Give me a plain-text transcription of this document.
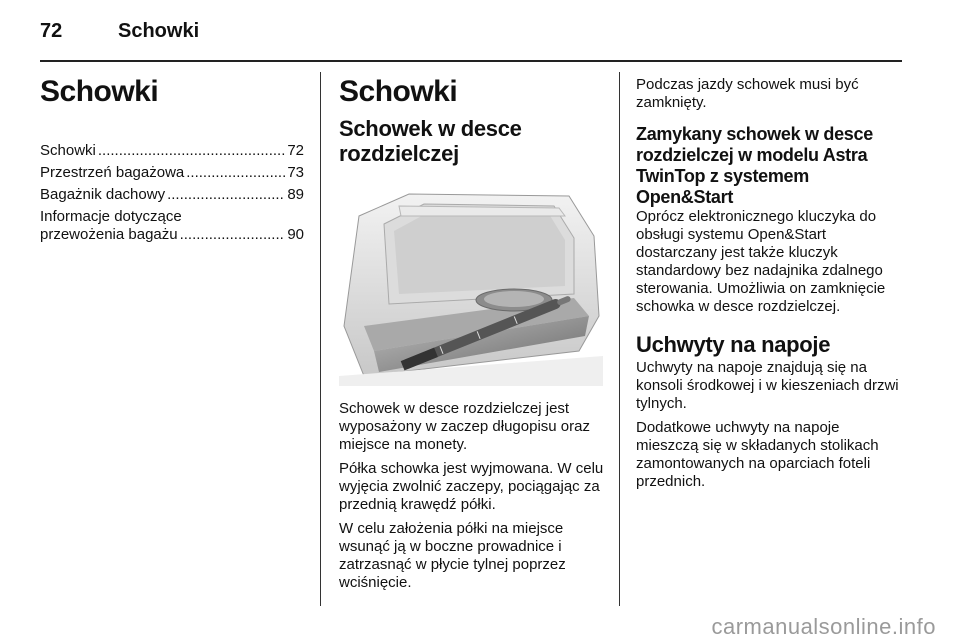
72	Schowki
Schowki
Schowki .....	72
Przestrzeń bagażowa .....	73
Bagażnik dachowy .....	89
Informacje dotyczące
przewożenia bagażu .....	90
Schowki
Schowek w desce rozdzielczej

Schowek w desce rozdzielczej jest wyposażony w zaczep długopisu oraz miejsce na monety.

Półka schowka jest wyjmowana. W celu wyjęcia zwolnić zaczepy, pociągając za przednią krawędź półki.

W celu założenia półki na miejsce wsunąć ją w boczne prowadnice i zatrzasnąć w płycie tylnej poprzez wciśnięcie.

Podczas jazdy schowek musi być zamknięty.

Zamykany schowek w desce rozdzielczej w modelu Astra TwinTop z systemem Open&Start

Oprócz elektronicznego kluczyka do obsługi systemu Open&Start dostarczany jest także kluczyk standardowy bez nadajnika zdalnego sterowania. Umożliwia on zamknięcie schowka w desce rozdzielczej.

Uchwyty na napoje

Uchwyty na napoje znajdują się na konsoli środkowej i w kieszeniach drzwi tylnych.

Dodatkowe uchwyty na napoje mieszczą się w składanych stolikach zamontowanych na oparciach foteli przednich.

carmanualsonline.info
